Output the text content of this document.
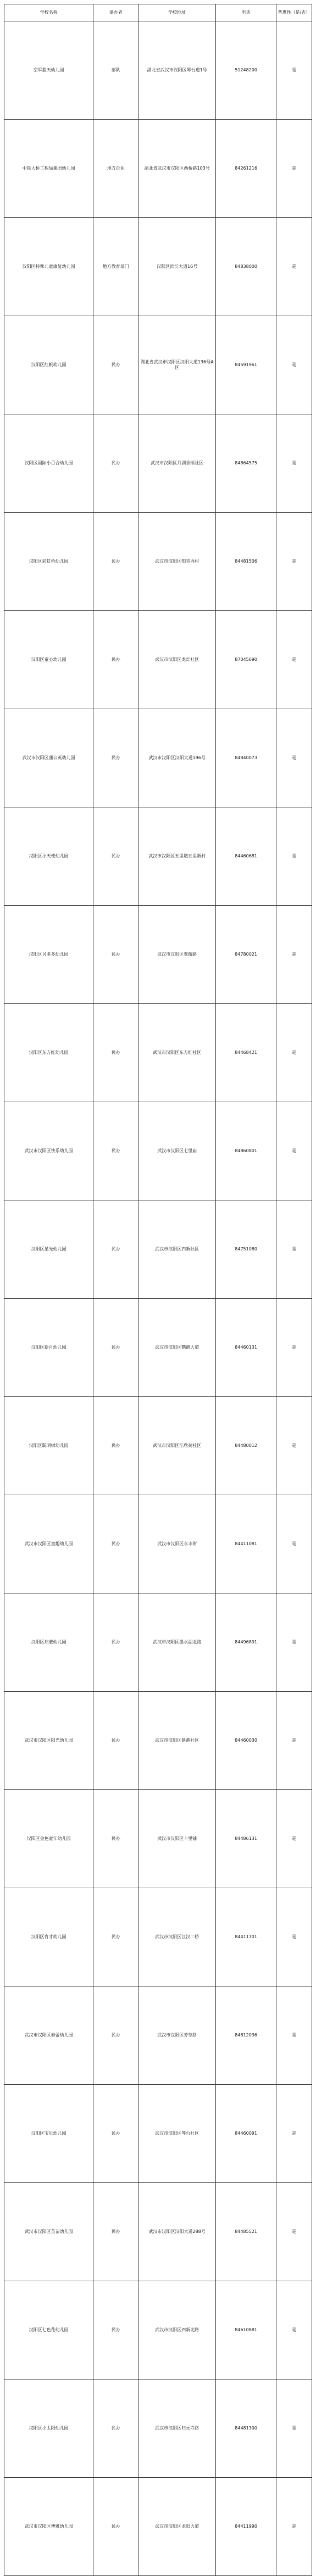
学校名称	举办者	学校地址	电话	普惠性（是/否）
空军蓝天幼儿园	部队	湖北省武汉市汉阳区琴台道1号	51248200	是
中铁大桥工程局集团幼儿园	地方企业	湖北省武汉市汉阳区西桥路103号	84261216	是
汉阳区特殊儿童康复幼儿园	地方教育部门	汉阳区滨江大道16号	84838000	是
汉阳区红帆幼儿园	民办	湖北省武汉市汉阳区汉阳大道136号A区	84591961	是
汉阳区国际小百合幼儿园	民办	武汉市汉阳区月湖香颂社区	84864575	是
汉阳区彩虹桥幼儿园	民办	武汉市汉阳区知音西村	84481506	是
汉阳区童心幼儿园	民办	武汉市汉阳区龙灯社区	87045690	是
武汉市汉阳区蒲公英幼儿园	民办	武汉市汉阳区汉阳大道196号	84840073	是
汉阳区小天使幼儿园	民办	武汉市汉阳区五里墩五里新村	84460681	是
汉阳区贝多多幼儿园	民办	武汉市汉阳区翠微路	84780021	是
汉阳区东方红幼儿园	民办	武汉市汉阳区东方红社区	84468421	是
武汉市汉阳区快乐幼儿园	民办	武汉市汉阳区七里庙	84860801	是
汉阳区星光幼儿园	民办	武汉市汉阳区四新社区	84751080	是
汉阳区新月幼儿园	民办	武汉市汉阳区鹦鹉大道	84460131	是
汉阳区聪明树幼儿园	民办	武汉市汉阳区江欣苑社区	84480012	是
武汉市汉阳区童趣幼儿园	民办	武汉市汉阳区永丰街	84411081	是
汉阳区启蒙幼儿园	民办	武汉市汉阳区墨水湖北路	84496891	是
武汉市汉阳区阳光幼儿园	民办	武汉市汉阳区建港社区	84460030	是
汉阳区金色童年幼儿园	民办	武汉市汉阳区十里铺	84486131	是
汉阳区育才幼儿园	民办	武汉市汉阳区江汉二桥	84411701	是
武汉市汉阳区春蕾幼儿园	民办	武汉市汉阳区芳草路	84812036	是
汉阳区宝贝幼儿园	民办	武汉市汉阳区琴台社区	84460091	是
武汉市汉阳区苗苗幼儿园	民办	武汉市汉阳区汉阳大道288号	84485521	是
汉阳区七色花幼儿园	民办	武汉市汉阳区四新北路	84610881	是
汉阳区小太阳幼儿园	民办	武汉市汉阳区归元寺路	84481300	是
武汉市汉阳区博雅幼儿园	民办	武汉市汉阳区龙阳大道	84411990	是
